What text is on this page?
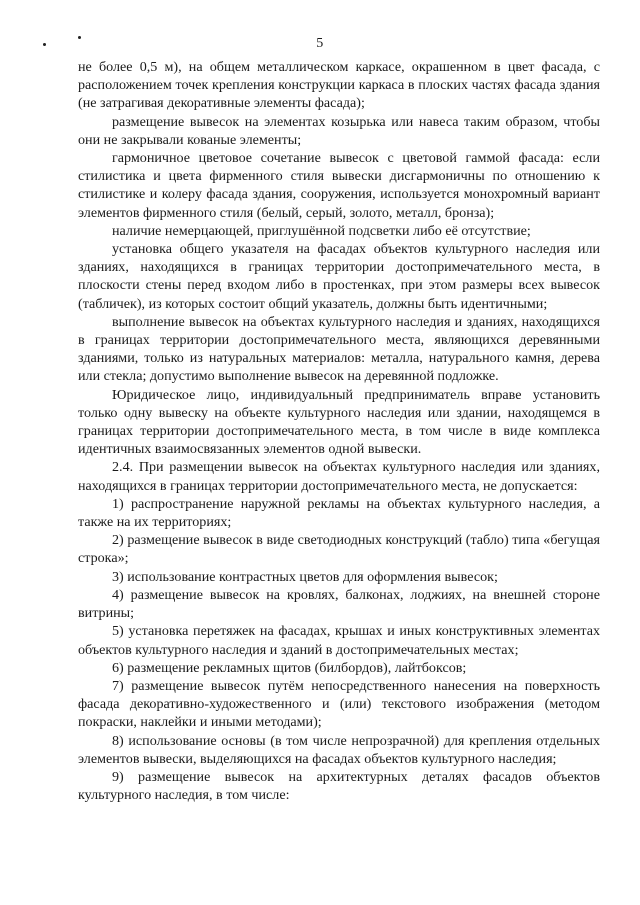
5

не более 0,5 м), на общем металлическом каркасе, окрашенном в цвет фасада, с расположением точек крепления конструкции каркаса в плоских частях фасада здания (не затрагивая декоративные элементы фасада);

размещение вывесок на элементах козырька или навеса таким образом, чтобы они не закрывали кованые элементы;

гармоничное цветовое сочетание вывесок с цветовой гаммой фасада: если стилистика и цвета фирменного стиля вывески дисгармоничны по отношению к стилистике и колеру фасада здания, сооружения, используется монохромный вариант элементов фирменного стиля (белый, серый, золото, металл, бронза);

наличие немерцающей, приглушённой подсветки либо её отсутствие;

установка общего указателя на фасадах объектов культурного наследия или зданиях, находящихся в границах территории достопримечательного места, в плоскости стены перед входом либо в простенках, при этом размеры всех вывесок (табличек), из которых состоит общий указатель, должны быть идентичными;

выполнение вывесок на объектах культурного наследия и зданиях, находящихся в границах территории достопримечательного места, являющихся деревянными зданиями, только из натуральных материалов: металла, натурального камня, дерева или стекла; допустимо выполнение вывесок на деревянной подложке.

Юридическое лицо, индивидуальный предприниматель вправе установить только одну вывеску на объекте культурного наследия или здании, находящемся в границах территории достопримечательного места, в том числе в виде комплекса идентичных взаимосвязанных элементов одной вывески.

2.4. При размещении вывесок на объектах культурного наследия или зданиях, находящихся в границах территории достопримечательного места, не допускается:

1) распространение наружной рекламы на объектах культурного наследия, а также на их территориях;

2) размещение вывесок в виде светодиодных конструкций (табло) типа «бегущая строка»;

3) использование контрастных цветов для оформления вывесок;

4) размещение вывесок на кровлях, балконах, лоджиях, на внешней стороне витрины;

5) установка перетяжек на фасадах, крышах и иных конструктивных элементах объектов культурного наследия и зданий в достопримечательных местах;

6) размещение рекламных щитов (билбордов), лайтбоксов;

7) размещение вывесок путём непосредственного нанесения на поверхность фасада декоративно-художественного и (или) текстового изображения (методом покраски, наклейки и иными методами);

8) использование основы (в том числе непрозрачной) для крепления отдельных элементов вывески, выделяющихся на фасадах объектов культурного наследия;

9) размещение вывесок на архитектурных деталях фасадов объектов культурного наследия, в том числе:
